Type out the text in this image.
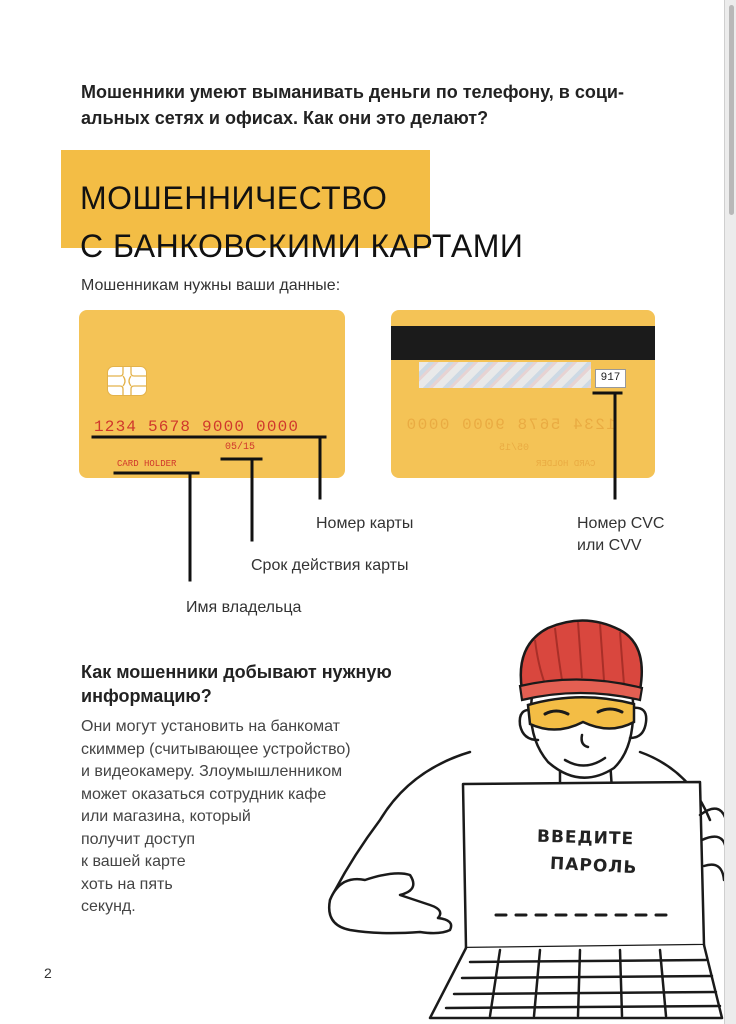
Мошенники умеют выманивать деньги по телефону, в соци-
альных сетях и офисах. Как они это делают?

МОШЕННИЧЕСТВО
С БАНКОВСКИМИ КАРТАМИ

Мошенникам нужны ваши данные:

1234 5678 9000 0000
05/15
CARD HOLDER
917
1234 5678 9000 0000
05/15
CARD HOLDER

Номер карты

Срок действия карты

Имя владельца

Номер CVC
или CVV

Как мошенники добывают нужную
информацию?

Они могут установить на банкомат
скиммер (считывающее устройство)
и видеокамеру. Злоумышленником
может оказаться сотрудник кафе
или магазина, который
получит доступ
к вашей карте
хоть на пять
секунд.

ВВЕДИТЕ
ПАРОЛЬ

2
